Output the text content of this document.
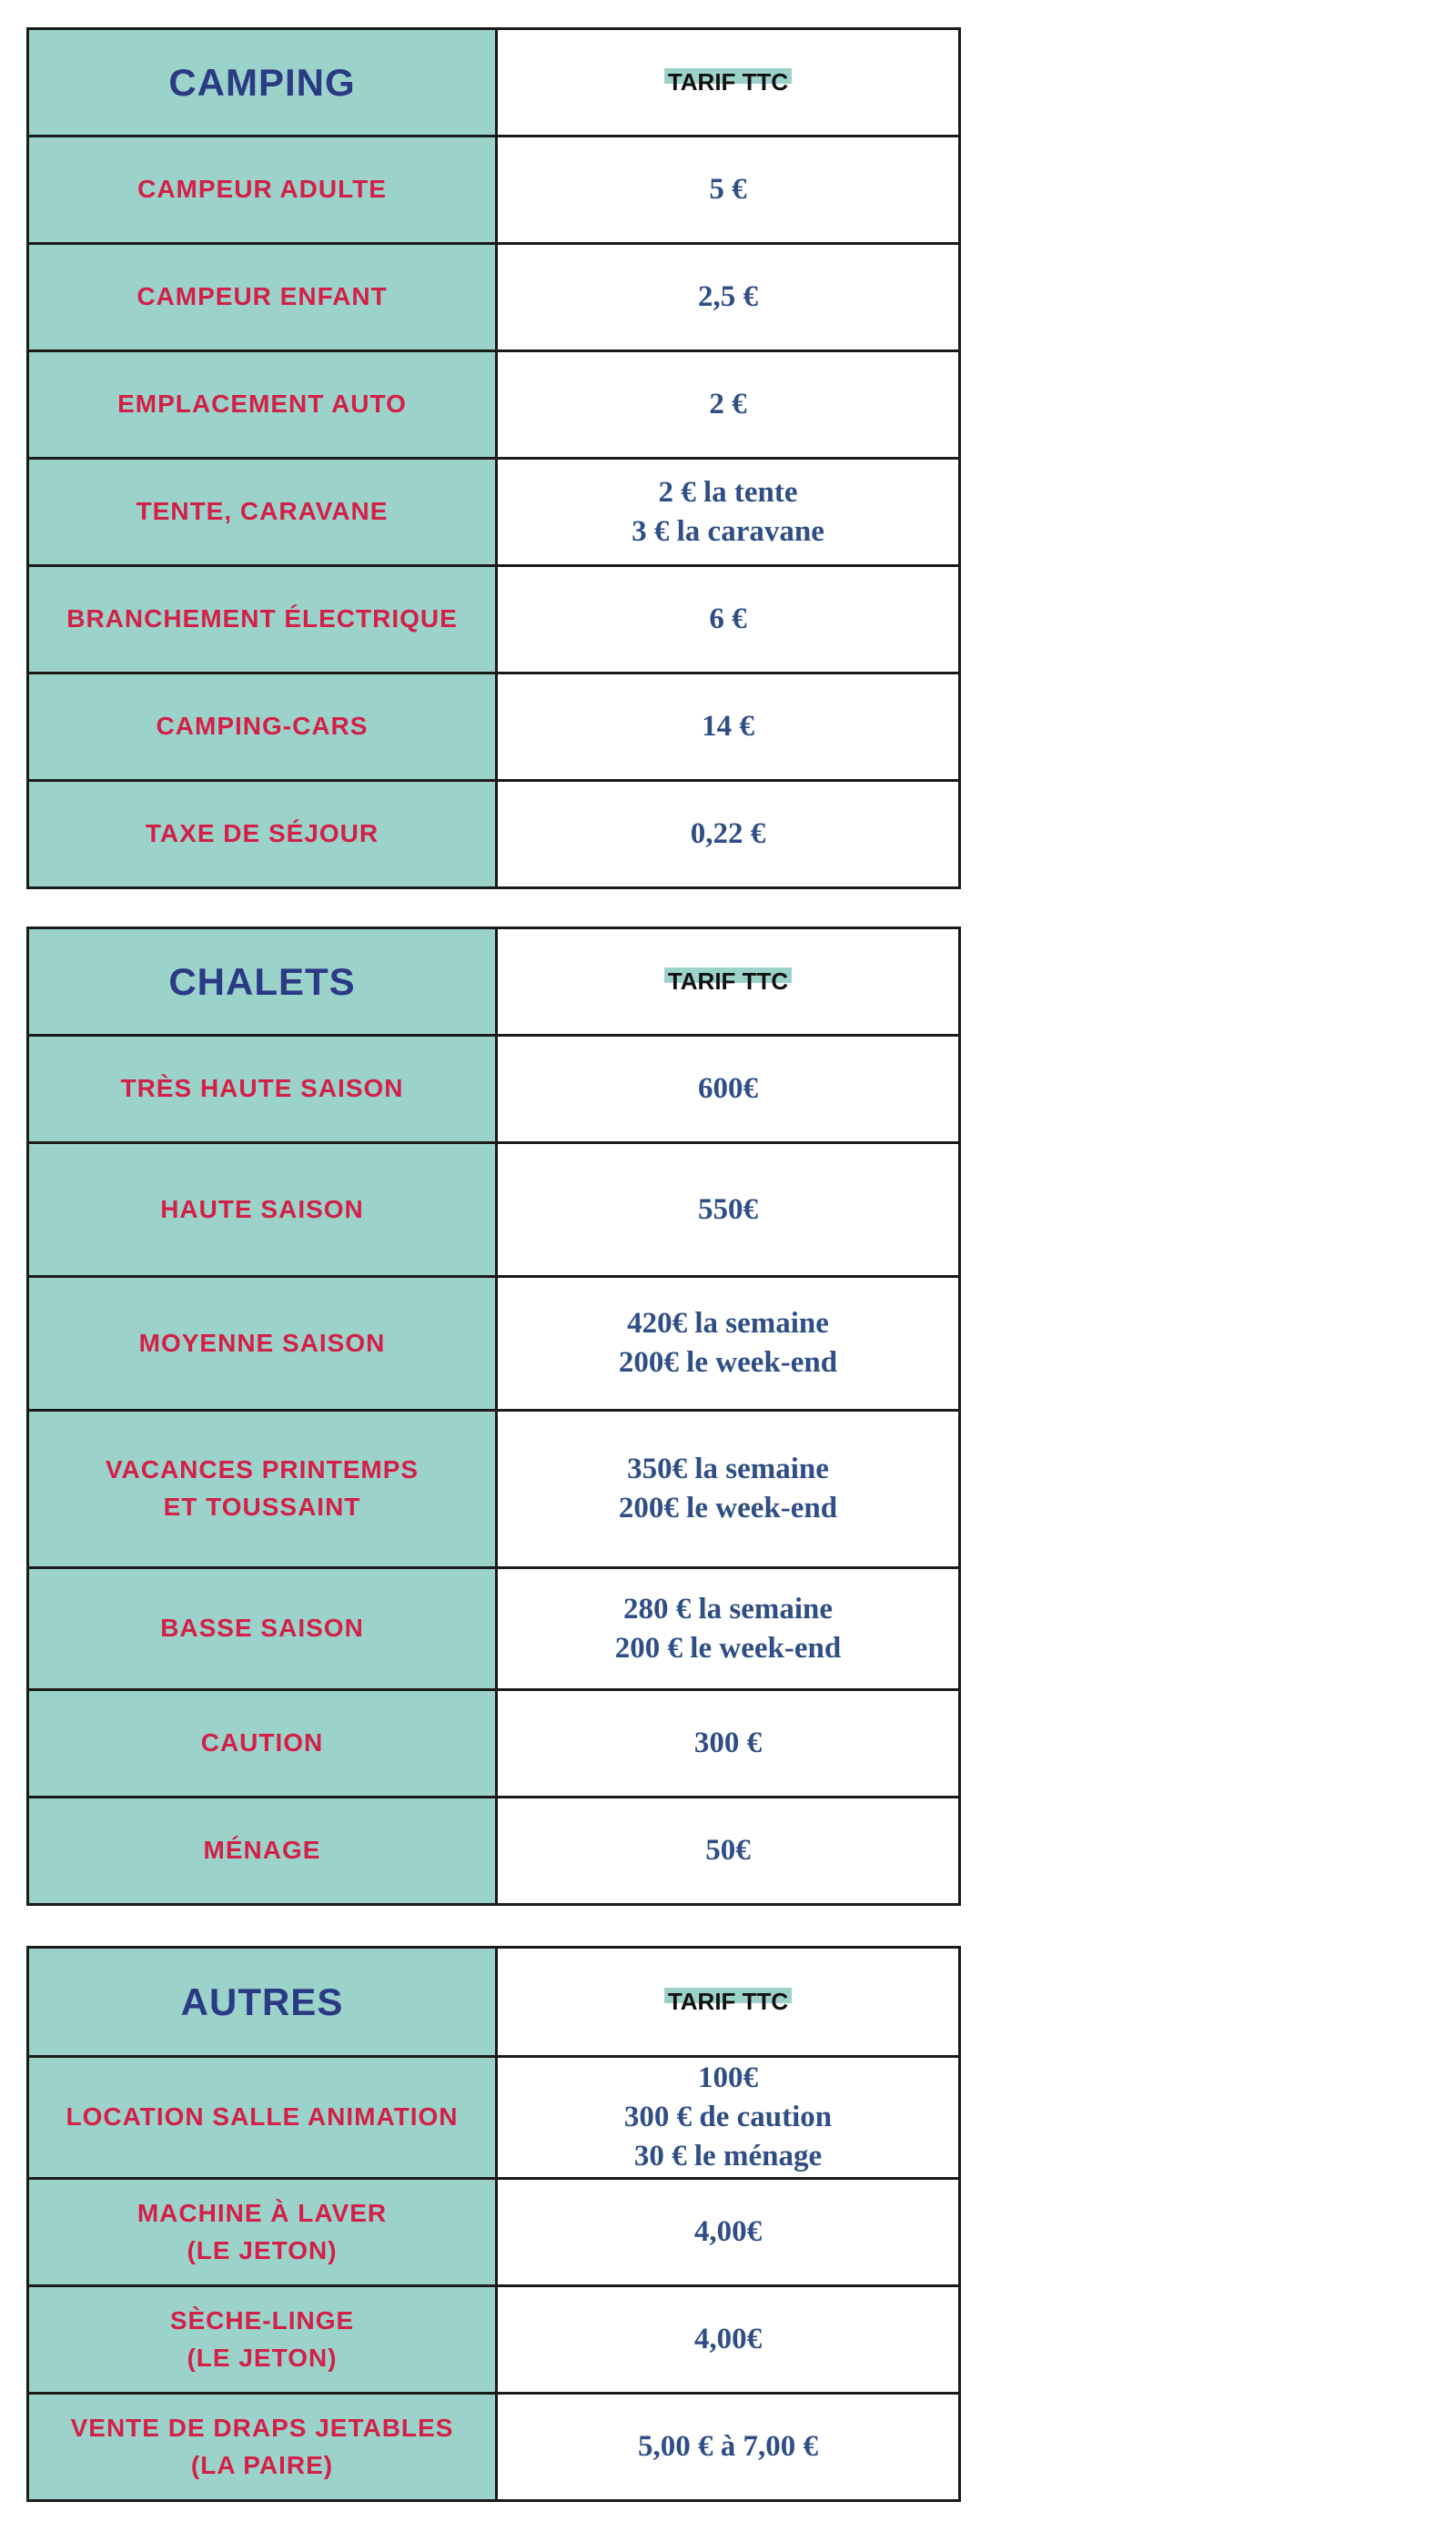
CAMPING	TARIF TTC
CAMPEUR ADULTE	5 €
CAMPEUR ENFANT	2,5 €
EMPLACEMENT AUTO	2 €
TENTE, CARAVANE	2 € la tente
3 € la caravane
BRANCHEMENT ÉLECTRIQUE	6 €
CAMPING-CARS	14 €
TAXE DE SÉJOUR	0,22 €
CHALETS	TARIF TTC
TRÈS HAUTE SAISON	600€
HAUTE SAISON	550€
MOYENNE SAISON	420€ la semaine
200€ le week-end
VACANCES PRINTEMPS
ET TOUSSAINT	350€ la semaine
200€ le week-end
BASSE SAISON	280 € la semaine
200 € le week-end
CAUTION	300 €
MÉNAGE	50€
AUTRES	TARIF TTC
LOCATION SALLE ANIMATION	100€
300 € de caution
30 € le ménage
MACHINE À LAVER
(LE JETON)	4,00€
SÈCHE-LINGE
(LE JETON)	4,00€
VENTE DE DRAPS JETABLES
(LA PAIRE)	5,00 € à 7,00 €
